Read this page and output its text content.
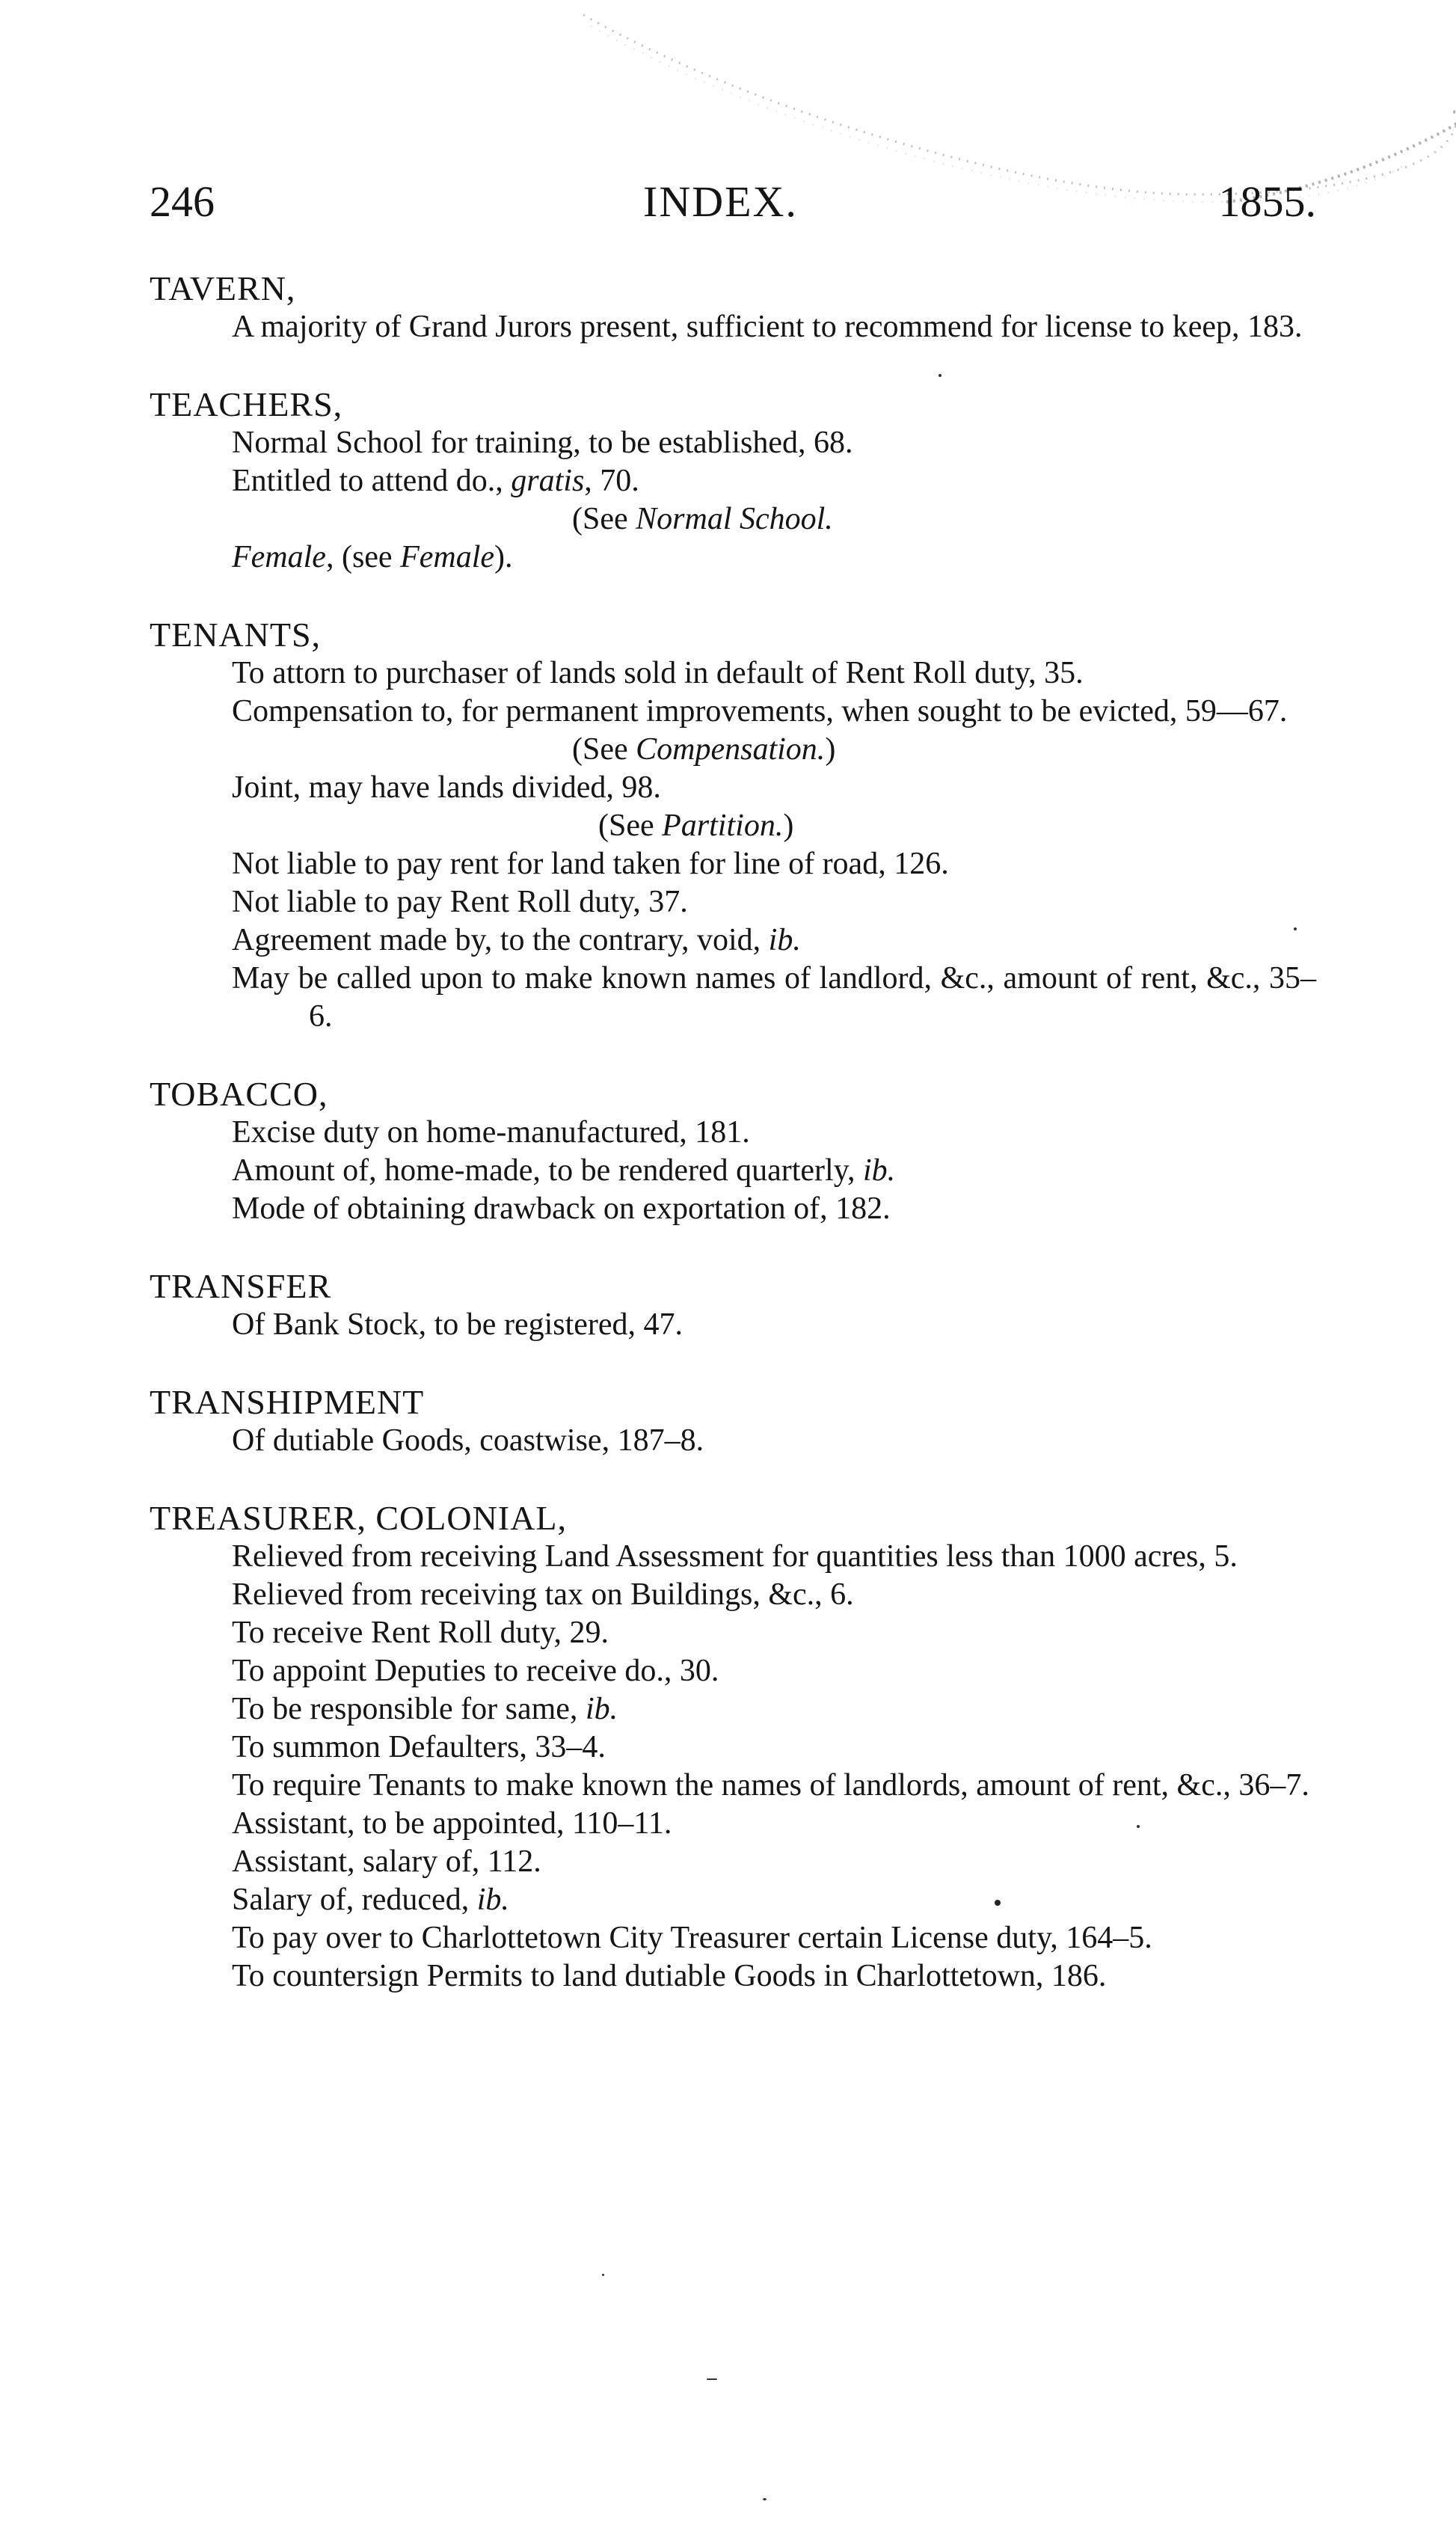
246	INDEX.	1855.
TAVERN,
A majority of Grand Jurors present, sufficient to recommend for license to keep, 183.
TEACHERS,
Normal School for training, to be established, 68.
Entitled to attend do., gratis, 70.
(See Normal School.
Female, (see Female).
TENANTS,
To attorn to purchaser of lands sold in default of Rent Roll duty, 35.
Compensation to, for permanent improvements, when sought to be evicted, 59—67.
(See Compensation.)
Joint, may have lands divided, 98.
(See Partition.)
Not liable to pay rent for land taken for line of road, 126.
Not liable to pay Rent Roll duty, 37.
Agreement made by, to the contrary, void, ib.
May be called upon to make known names of landlord, &c., amount of rent, &c., 35–6.
TOBACCO,
Excise duty on home-manufactured, 181.
Amount of, home-made, to be rendered quarterly, ib.
Mode of obtaining drawback on exportation of, 182.
TRANSFER
Of Bank Stock, to be registered, 47.
TRANSHIPMENT
Of dutiable Goods, coastwise, 187–8.
TREASURER, COLONIAL,
Relieved from receiving Land Assessment for quantities less than 1000 acres, 5.
Relieved from receiving tax on Buildings, &c., 6.
To receive Rent Roll duty, 29.
To appoint Deputies to receive do., 30.
To be responsible for same, ib.
To summon Defaulters, 33–4.
To require Tenants to make known the names of landlords, amount of rent, &c., 36–7.
Assistant, to be appointed, 110–11.
Assistant, salary of, 112.
Salary of, reduced, ib.
To pay over to Charlottetown City Treasurer certain License duty, 164–5.
To countersign Permits to land dutiable Goods in Charlottetown, 186.
